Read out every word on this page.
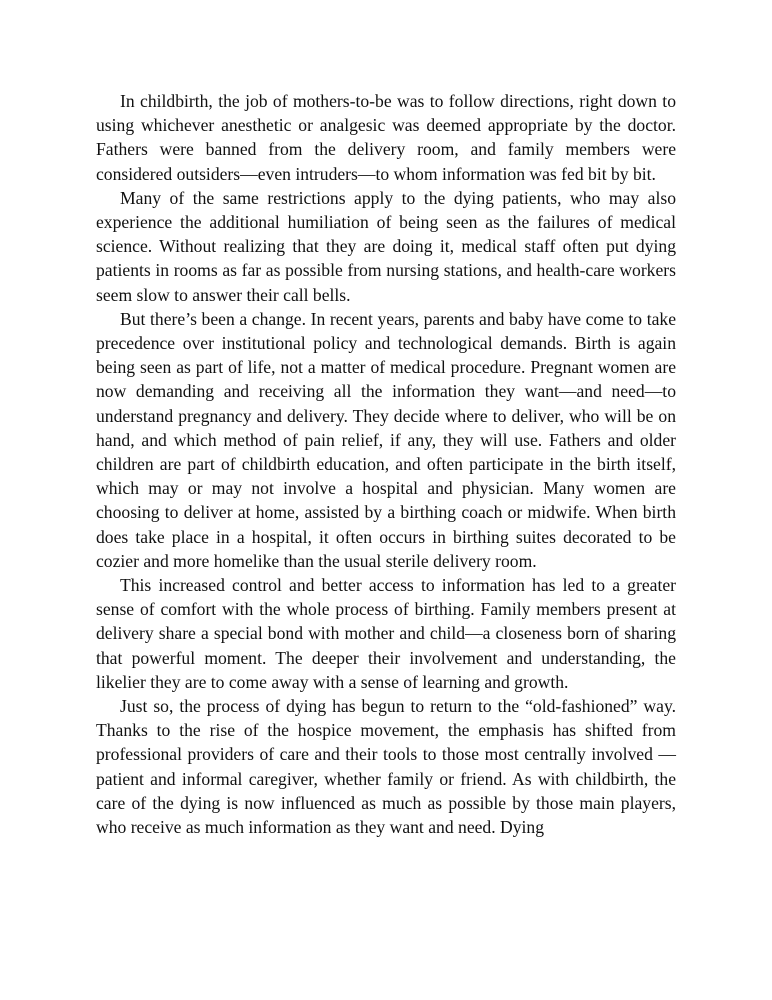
In childbirth, the job of mothers-to-be was to follow directions, right down to using whichever anesthetic or analgesic was deemed appropriate by the doctor. Fathers were banned from the delivery room, and family members were considered outsiders—even intruders—to whom information was fed bit by bit.

Many of the same restrictions apply to the dying patients, who may also experience the additional humiliation of being seen as the failures of medical science. Without realizing that they are doing it, medical staff often put dying patients in rooms as far as possible from nursing stations, and health-care workers seem slow to answer their call bells.

But there’s been a change. In recent years, parents and baby have come to take precedence over institutional policy and technological demands. Birth is again being seen as part of life, not a matter of medical procedure. Pregnant women are now demanding and receiving all the information they want—and need—to understand pregnancy and delivery. They decide where to deliver, who will be on hand, and which method of pain relief, if any, they will use. Fathers and older children are part of childbirth education, and often participate in the birth itself, which may or may not involve a hospital and physician. Many women are choosing to deliver at home, assisted by a birthing coach or midwife. When birth does take place in a hospital, it often occurs in birthing suites decorated to be cozier and more homelike than the usual sterile delivery room.

This increased control and better access to information has led to a greater sense of comfort with the whole process of birthing. Family members present at delivery share a special bond with mother and child—a closeness born of sharing that powerful moment. The deeper their involvement and understanding, the likelier they are to come away with a sense of learning and growth.

Just so, the process of dying has begun to return to the “old-fashioned” way. Thanks to the rise of the hospice movement, the emphasis has shifted from professional providers of care and their tools to those most centrally involved —patient and informal caregiver, whether family or friend. As with childbirth, the care of the dying is now influenced as much as possible by those main players, who receive as much information as they want and need. Dying
